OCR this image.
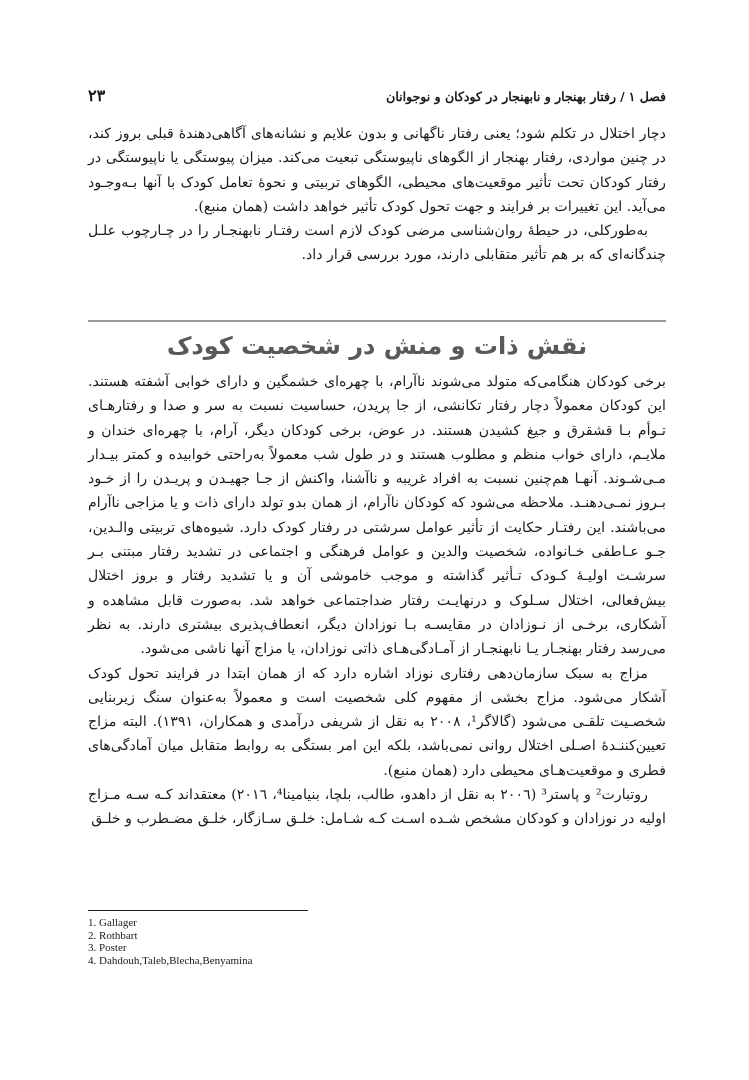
فصل ۱
/
رفتار بهنجار و نابهنجار در کودکان و نوجوانان
۲۳

دچار اختلال در تکلم شود؛ یعنی رفتار ناگهانی و بدون علایم و نشانه‌های آگاهی‌دهندهٔ قبلی بروز کند، در چنین مواردی، رفتار بهنجار از الگوهای ناپیوستگی تبعیت می‌کند. میزان پیوستگی یا ناپیوستگی در رفتار کودکان تحت تأثیر موقعیت‌های محیطی، الگوهای تربیتی و نحوهٔ تعامل کودک با آنها بـه‌وجـود می‌آید. این تغییرات بر فرایند و جهت تحول کودک تأثیر خواهد داشت (همان منبع).

به‌طورکلی، در حیطهٔ روان‌شناسی مرضی کودک لازم است رفتـار نابهنجـار را در چـارچوب علـل چندگانه‌ای که بر هم تأثیر متقابلی دارند، مورد بررسی قرار داد.

نقش ذات و منش در شخصیت کودک

برخی کودکان هنگامی‌که متولد می‌شوند ناآرام، با چهره‌ای خشمگین و دارای خوابی آشفته هستند. این کودکان معمولاً دچار رفتار تکانشی، از جا پریدن، حساسیت نسبت به سر و صدا و رفتارهـای تـوأم بـا قشقرق و جیغ کشیدن هستند. در عوض، برخی کودکان دیگر، آرام، با چهره‌ای خندان و ملایـم، دارای خواب منظم و مطلوب هستند و در طول شب معمولاً به‌راحتی خوابیده و کمتر بیـدار مـی‌شـوند. آنهـا هم‌چنین نسبت به افراد غریبه و ناآشنا، واکنش از جـا جهیـدن و پریـدن را از خـود بـروز نمـی‌دهنـد. ملاحظه می‌شود که کودکان ناآرام، از همان بدو تولد دارای ذات و یا مزاجی ناآرام می‌باشند. این رفتـار حکایت از تأثیر عوامل سرشتی در رفتار کودک دارد. شیوه‌های تربیتی والـدین، جـو عـاطفی خـانواده، شخصیت والدین و عوامل فرهنگی و اجتماعی در تشدید رفتار مبتنی بـر سرشـت اولیـهٔ کـودک تـأثیر گذاشته و موجب خاموشی آن و یا تشدید رفتار و بروز اختلال بیش‌فعالی، اختلال سـلوک و درنهایـت رفتار ضداجتماعی خواهد شد. به‌صورت قابل مشاهده و آشکاری، برخـی از نـوزادان در مقایسـه بـا نوزادان دیگر، انعطاف‌پذیری بیشتری دارند. به نظر می‌رسد رفتار بهنجـار یـا نابهنجـار از آمـادگی‌هـای ذاتی نوزادان، یا مزاج آنها ناشی می‌شود.

مزاج به سبک سازمان‌دهی رفتاری نوزاد اشاره دارد که از همان ابتدا در فرایند تحول کودک آشکار می‌شود. مزاج بخشی از مفهوم کلی شخصیت است و معمولاً به‌عنوان سنگ زیربنایی شخصـیت تلقـی می‌شود (گالاگر¹، ۲۰۰۸ به نقل از شریفی درآمدی و همکاران، ۱۳۹۱). البته مزاج تعیین‌کننـدهٔ اصـلی اختلال روانی نمی‌باشد، بلکه این امر بستگی به روابط متقابل میان آمادگی‌های فطری و موقعیت‌هـای محیطی دارد (همان منبع).

روتبارت² و پاستر³ (۲۰۰٦ به نقل از داهدو، طالب، بلچا، بنیامینا⁴، ۲۰۱٦) معتقداند کـه سـه مـزاج اولیه در نوزادان و کودکان مشخص شـده اسـت کـه شـامل: خلـق سـازگار، خلـق مضـطرب و خلـق

1. Gallager
2. Rothbart
3. Poster
4. Dahdouh,Taleb,Blecha,Benyamina
